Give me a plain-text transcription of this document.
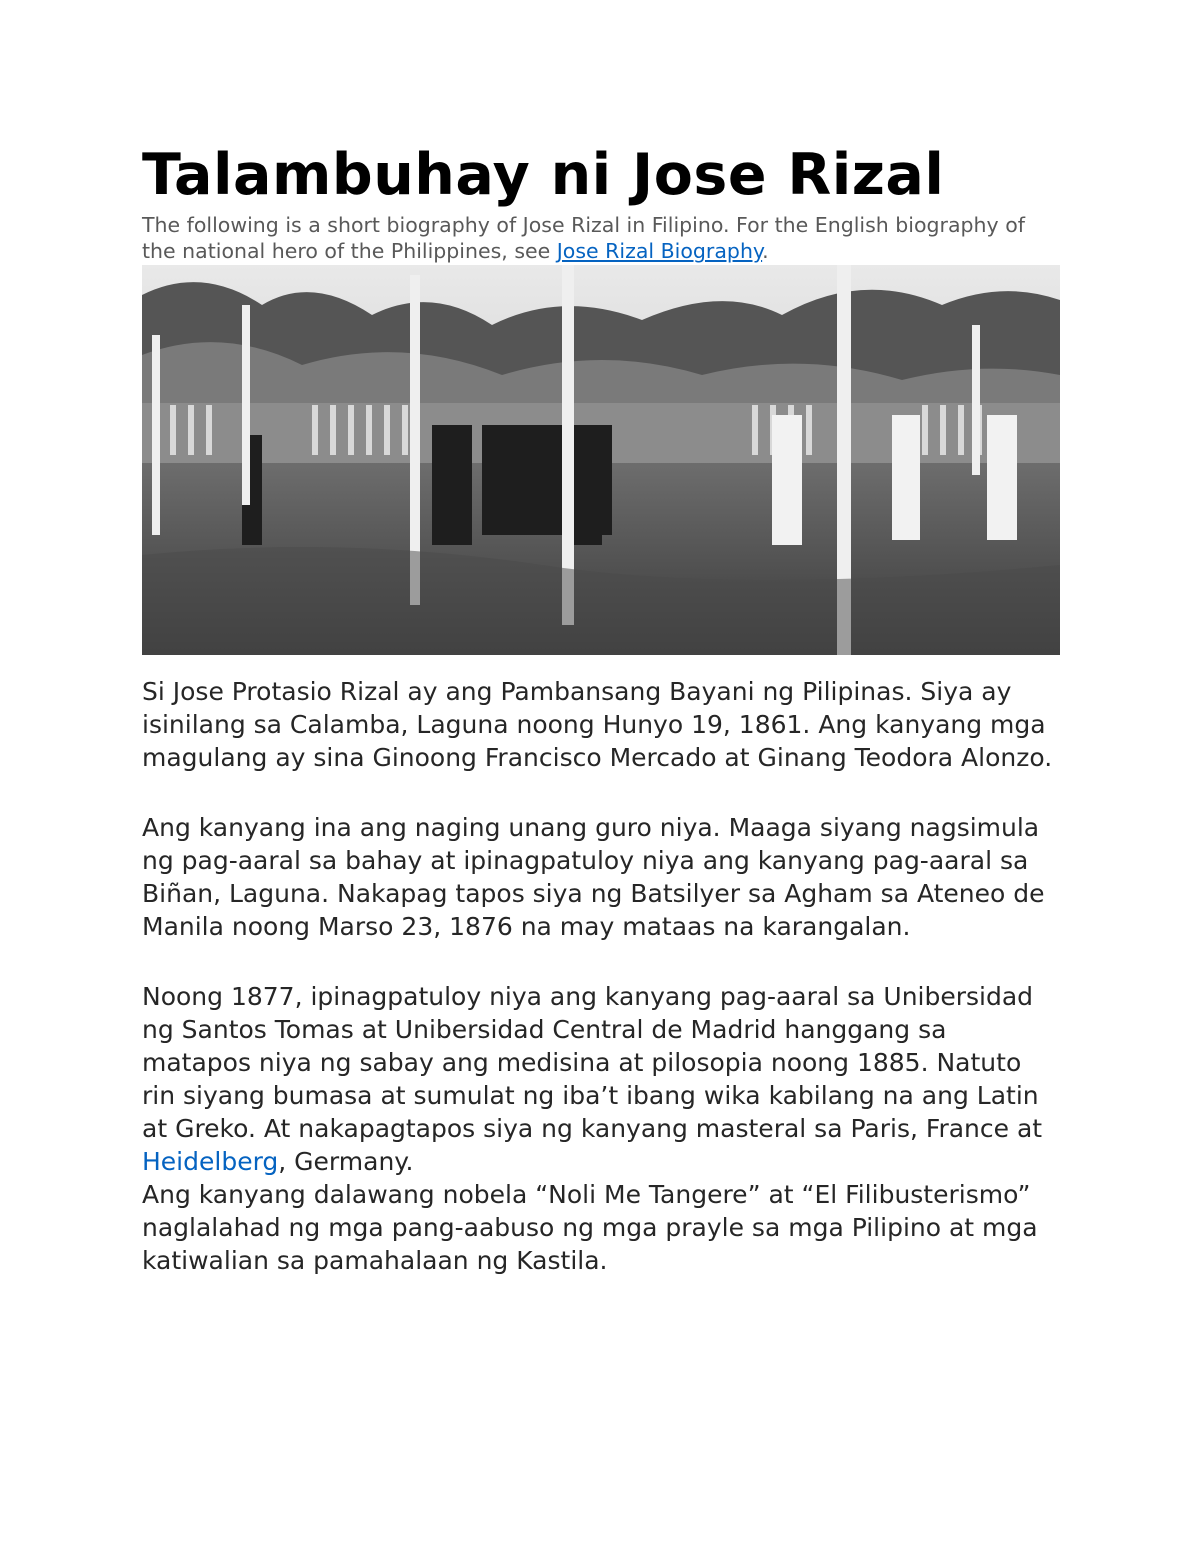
Talambuhay ni Jose Rizal

The following is a short biography of Jose Rizal in Filipino. For the English biography of the national hero of the Philippines, see Jose Rizal Biography.

Si Jose Protasio Rizal ay ang Pambansang Bayani ng Pilipinas. Siya ay isinilang sa Calamba, Laguna noong Hunyo 19, 1861. Ang kanyang mga magulang ay sina Ginoong Francisco Mercado at Ginang Teodora Alonzo.

Ang kanyang ina ang naging unang guro niya. Maaga siyang nagsimula ng pag-aaral sa bahay at ipinagpatuloy niya ang kanyang pag-aaral sa Biñan, Laguna. Nakapag tapos siya ng Batsilyer sa Agham sa Ateneo de Manila noong Marso 23, 1876 na may mataas na karangalan.

Noong 1877, ipinagpatuloy niya ang kanyang pag-aaral sa Unibersidad ng Santos Tomas at Unibersidad Central de Madrid hanggang sa matapos niya ng sabay ang medisina at pilosopia noong 1885. Natuto rin siyang bumasa at sumulat ng iba’t ibang wika kabilang na ang Latin at Greko. At nakapagtapos siya ng kanyang masteral sa Paris, France at Heidelberg, Germany.

Ang kanyang dalawang nobela “Noli Me Tangere” at “El Filibusterismo” naglalahad ng mga pang-aabuso ng mga prayle sa mga Pilipino at mga katiwalian sa pamahalaan ng Kastila.
